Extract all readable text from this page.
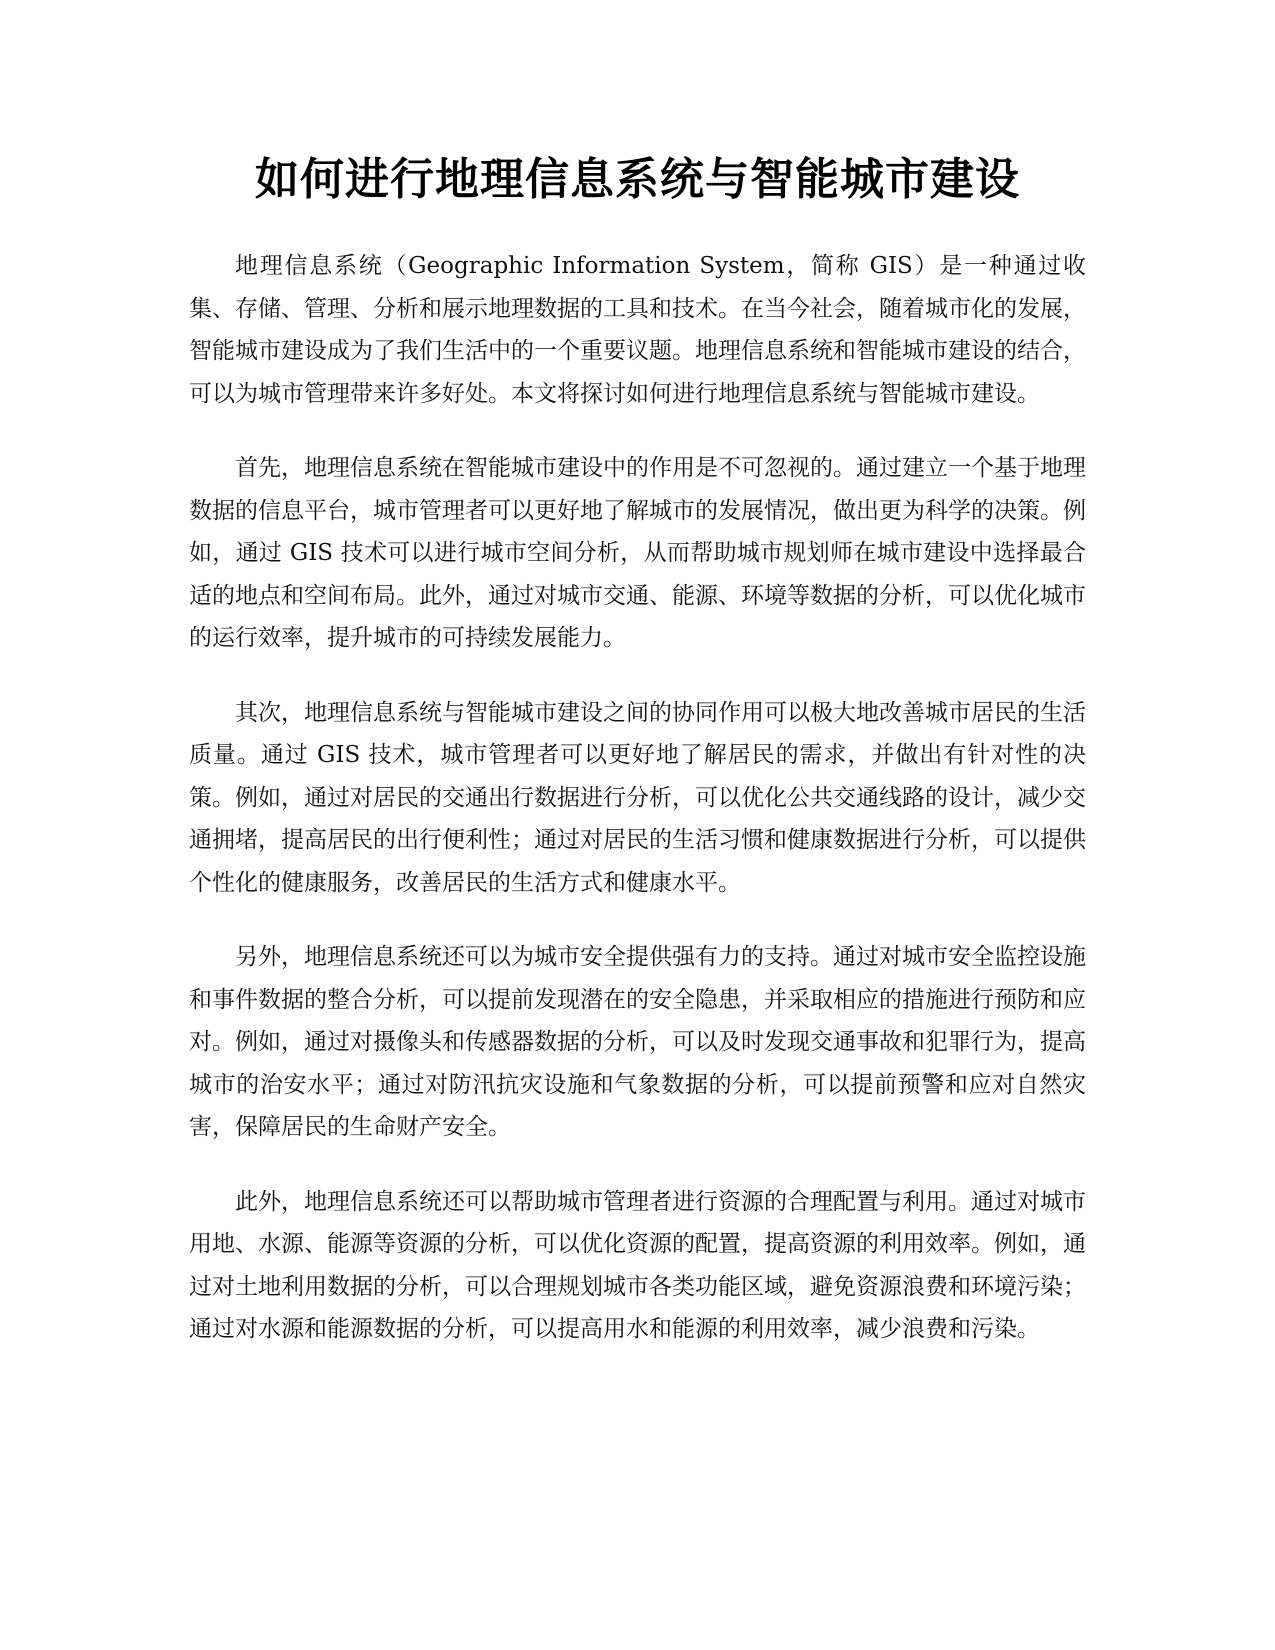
如何进行地理信息系统与智能城市建设

地理信息系统（Geographic Information System，简称 GIS）是一种通过收集、存储、管理、分析和展示地理数据的工具和技术。在当今社会，随着城市化的发展，智能城市建设成为了我们生活中的一个重要议题。地理信息系统和智能城市建设的结合，可以为城市管理带来许多好处。本文将探讨如何进行地理信息系统与智能城市建设。

首先，地理信息系统在智能城市建设中的作用是不可忽视的。通过建立一个基于地理数据的信息平台，城市管理者可以更好地了解城市的发展情况，做出更为科学的决策。例如，通过 GIS 技术可以进行城市空间分析，从而帮助城市规划师在城市建设中选择最合适的地点和空间布局。此外，通过对城市交通、能源、环境等数据的分析，可以优化城市的运行效率，提升城市的可持续发展能力。

其次，地理信息系统与智能城市建设之间的协同作用可以极大地改善城市居民的生活质量。通过 GIS 技术，城市管理者可以更好地了解居民的需求，并做出有针对性的决策。例如，通过对居民的交通出行数据进行分析，可以优化公共交通线路的设计，减少交通拥堵，提高居民的出行便利性；通过对居民的生活习惯和健康数据进行分析，可以提供个性化的健康服务，改善居民的生活方式和健康水平。

另外，地理信息系统还可以为城市安全提供强有力的支持。通过对城市安全监控设施和事件数据的整合分析，可以提前发现潜在的安全隐患，并采取相应的措施进行预防和应对。例如，通过对摄像头和传感器数据的分析，可以及时发现交通事故和犯罪行为，提高城市的治安水平；通过对防汛抗灾设施和气象数据的分析，可以提前预警和应对自然灾害，保障居民的生命财产安全。

此外，地理信息系统还可以帮助城市管理者进行资源的合理配置与利用。通过对城市用地、水源、能源等资源的分析，可以优化资源的配置，提高资源的利用效率。例如，通过对土地利用数据的分析，可以合理规划城市各类功能区域，避免资源浪费和环境污染；通过对水源和能源数据的分析，可以提高用水和能源的利用效率，减少浪费和污染。
